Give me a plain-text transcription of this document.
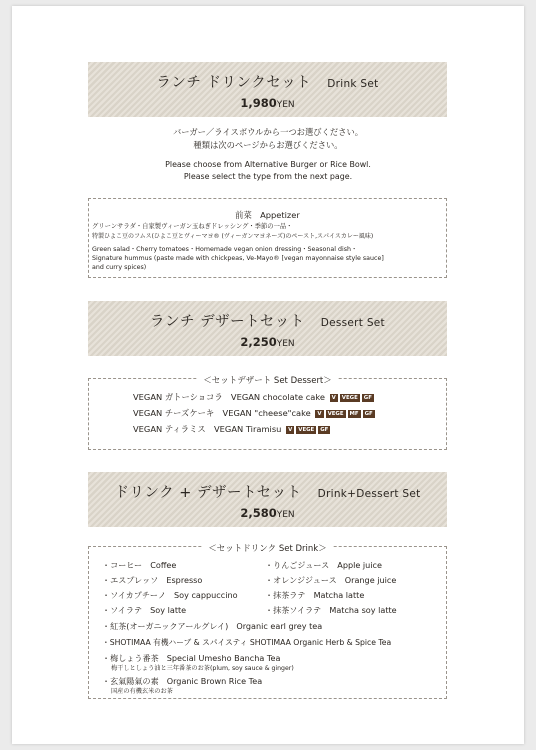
ランチ ドリンクセット Drink Set
1,980YEN
バーガー／ライスボウルから一つお選びください。
種類は次のページからお選びください。
Please choose from Alternative Burger or Rice Bowl.
Please select the type from the next page.
前菜　Appetizer
グリーンサラダ・自家製ヴィーガン玉ねぎドレッシング・季節の一品・
特製ひよこ豆のフムス(ひよこ豆とヴィーマヨ® (ヴィーガンマヨネーズ)のペースト,スパイスカレー風味)
Green salad・Cherry tomatoes・Homemade vegan onion dressing・Seasonal dish・
Signature hummus (paste made with chickpeas, Ve-Mayo® [vegan mayonnaise style sauce]
and curry spices)
ランチ デザートセット Dessert Set
2,250YEN
＜セットデザート Set Dessert＞
VEGAN ガトーショコラ　VEGAN chocolate cake V VEGE GF
VEGAN チーズケーキ　VEGAN "cheese"cake V VEGE MF GF
VEGAN ティラミス　VEGAN Tiramisu V VEGE GF
ドリンク + デザートセット Drink+Dessert Set
2,580YEN
＜セットドリンク Set Drink＞
・コーヒー　Coffee
・エスプレッソ　Espresso
・ソイカプチーノ　Soy cappuccino
・ソイラテ　Soy latte
・りんごジュース　Apple juice
・オレンジジュース　Orange juice
・抹茶ラテ　Matcha latte
・抹茶ソイラテ　Matcha soy latte
・紅茶(オーガニックアールグレイ)　Organic earl grey tea
・SHOTIMAA 有機ハーブ & スパイスティ SHOTIMAA Organic Herb & Spice Tea
・梅しょう番茶　Special Umesho Bancha Tea
梅干しとしょう油と三年番茶のお茶(plum, soy sauce & ginger)
・玄氣陽氣の素　Organic Brown Rice Tea
国産の有機玄米のお茶
